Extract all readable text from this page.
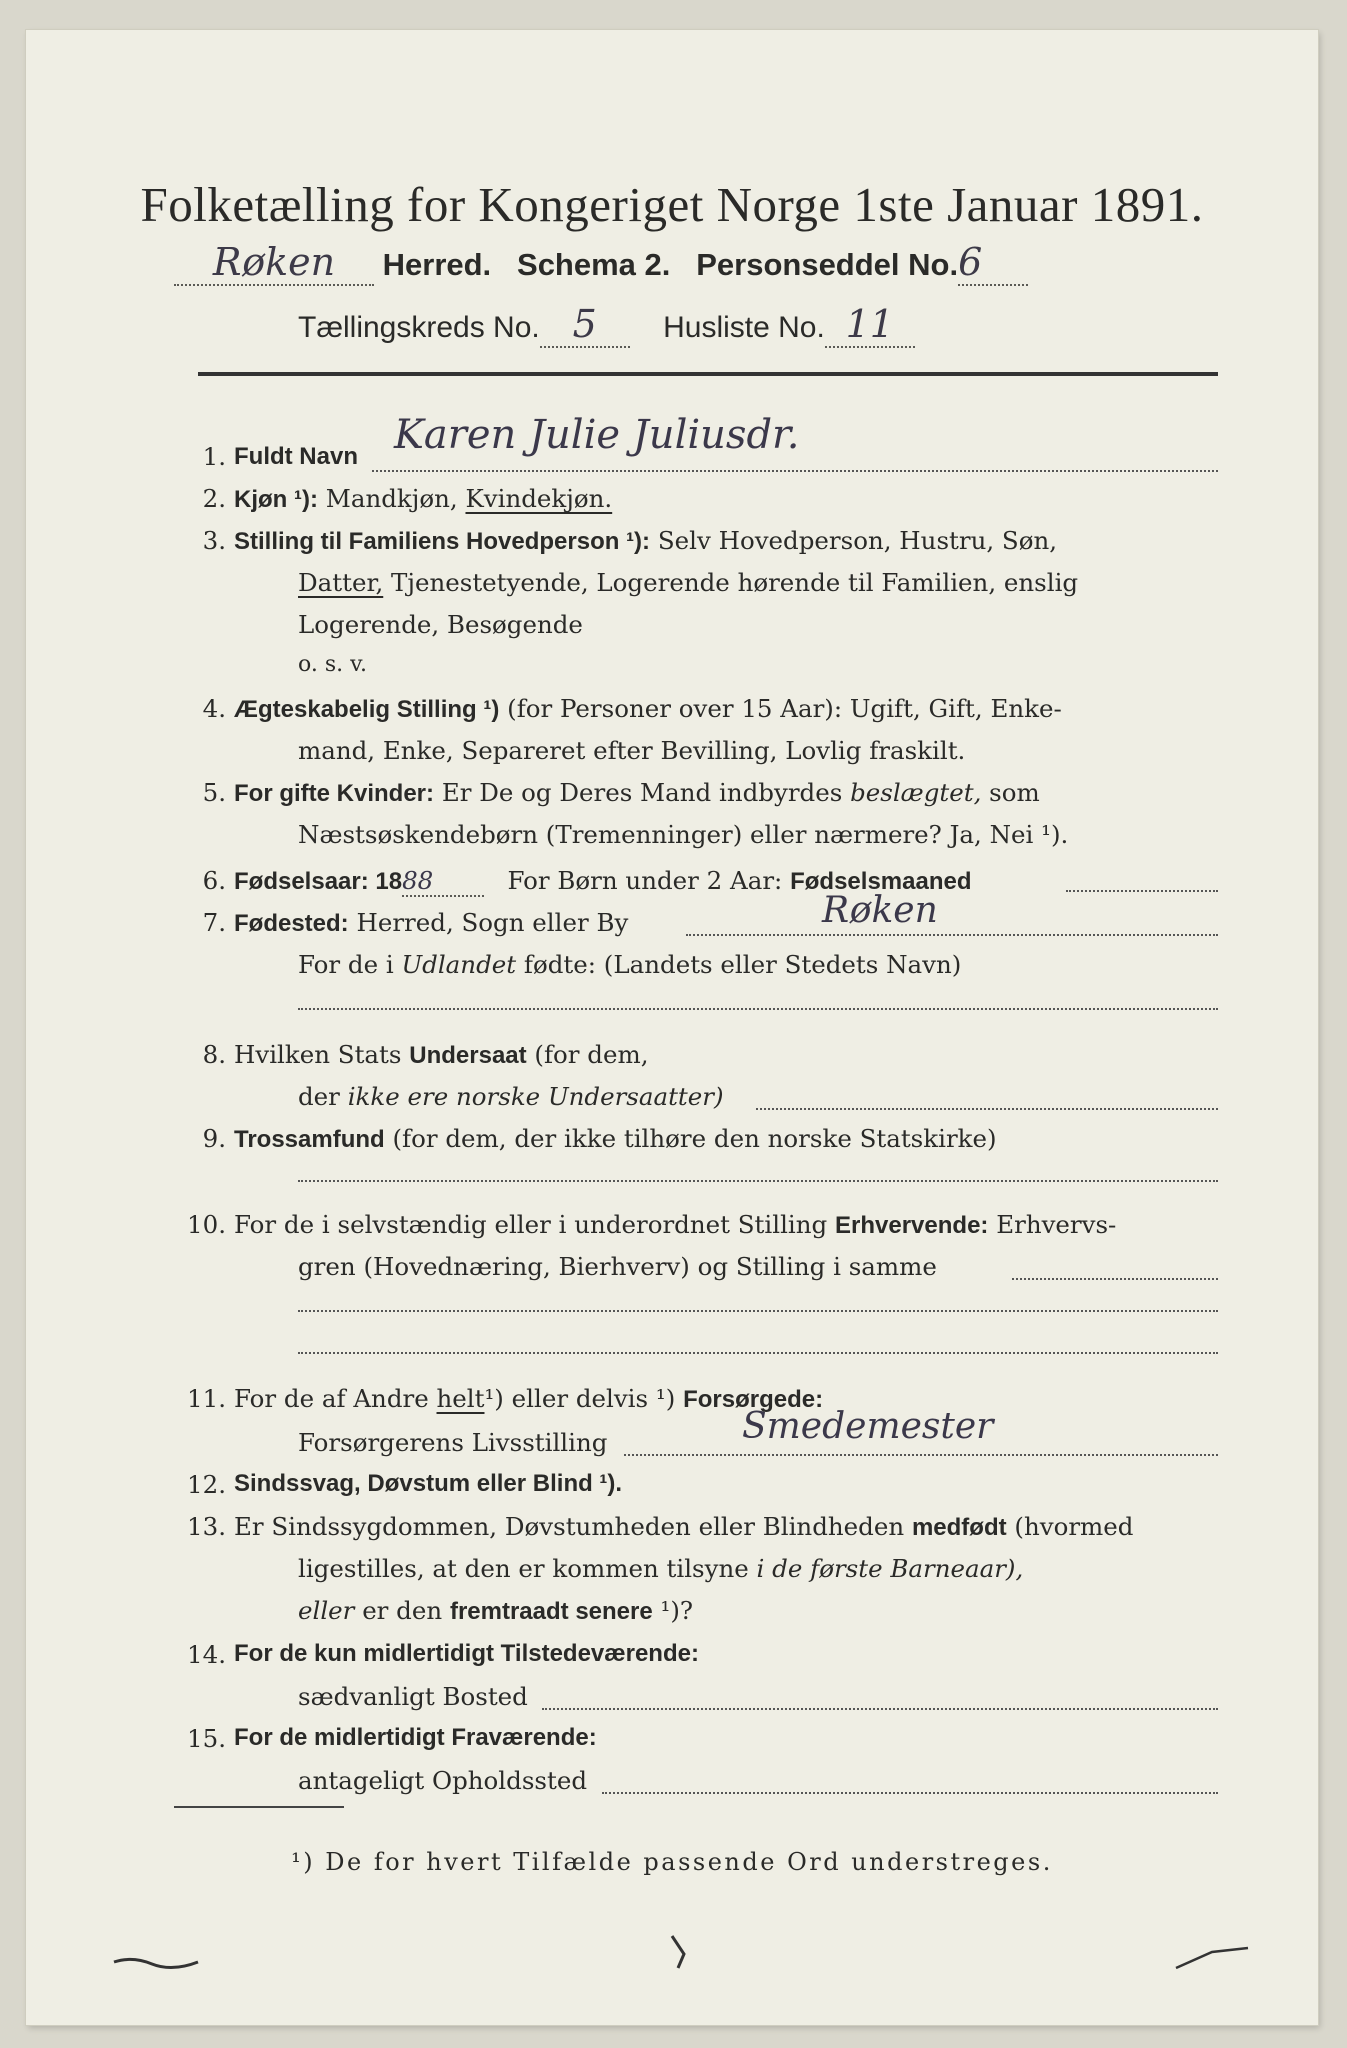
Folketælling for Kongeriget Norge 1ste Januar 1891.
Røken Herred. Schema 2. Personseddel No.6
Tællingskreds No. 5 Husliste No. 11
1. Fuldt Navn Karen Julie Juliusdr.
2. Kjøn ¹): Mandkjøn, Kvindekjøn.
3. Stilling til Familiens Hovedperson ¹): Selv Hovedperson, Hustru, Søn,
Datter, Tjenestetyende, Logerende hørende til Familien, enslig
Logerende, Besøgende
o. s. v.
4. Ægteskabelig Stilling ¹) (for Personer over 15 Aar): Ugift, Gift, Enke-
mand, Enke, Separeret efter Bevilling, Lovlig fraskilt.
5. For gifte Kvinder: Er De og Deres Mand indbyrdes beslægtet, som
Næstsøskendebørn (Tremenninger) eller nærmere? Ja, Nei ¹).
6. Fødselsaar: 1888	For Børn under 2 Aar: Fødselsmaaned
7. Fødested: Herred, Sogn eller By	Røken
For de i Udlandet fødte: (Landets eller Stedets Navn)
8. Hvilken Stats Undersaat (for dem,
der ikke ere norske Undersaatter)
9. Trossamfund (for dem, der ikke tilhøre den norske Statskirke)
10. For de i selvstændig eller i underordnet Stilling Erhvervende: Erhvervs-
gren (Hovednæring, Bierhverv) og Stilling i samme
11. For de af Andre helt¹) eller delvis ¹) Forsørgede:
Forsørgerens Livsstilling	Smedemester
12. Sindssvag, Døvstum eller Blind ¹).
13. Er Sindssygdommen, Døvstumheden eller Blindheden medfødt (hvormed
ligestilles, at den er kommen tilsyne i de første Barneaar),
eller er den fremtraadt senere ¹)?
14. For de kun midlertidigt Tilstedeværende:
sædvanligt Bosted
15. For de midlertidigt Fraværende:
antageligt Opholdssted
¹) De for hvert Tilfælde passende Ord understreges.
